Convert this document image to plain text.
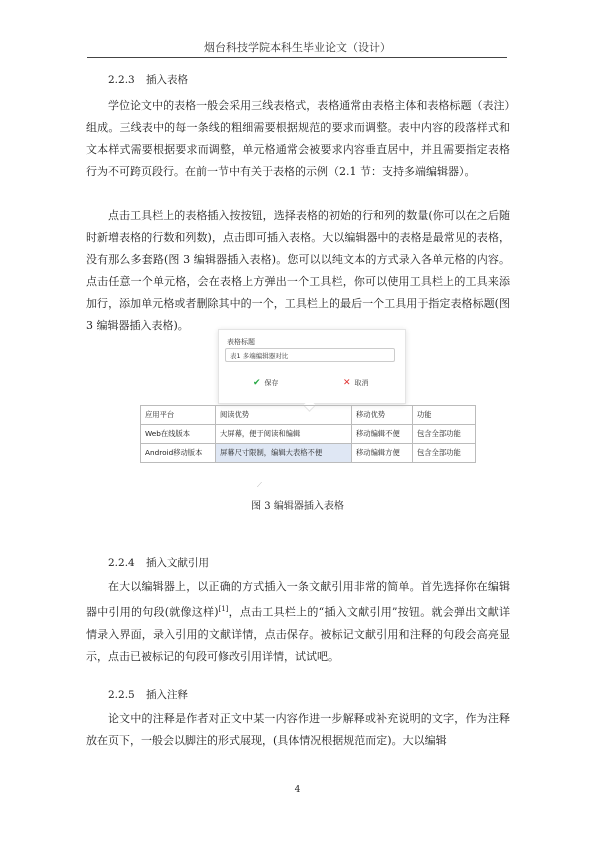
烟台科技学院本科生毕业论文（设计）
2.2.3 插入表格

学位论文中的表格一般会采用三线表格式，表格通常由表格主体和表格标题（表注）组成。三线表中的每一条线的粗细需要根据规范的要求而调整。表中内容的段落样式和文本样式需要根据要求而调整，单元格通常会被要求内容垂直居中，并且需要指定表格行为不可跨页段行。在前一节中有关于表格的示例（2.1 节：支持多端编辑器）。

点击工具栏上的表格插入按按钮，选择表格的初始的行和列的数量(你可以在之后随时新增表格的行数和列数)，点击即可插入表格。大以编辑器中的表格是最常见的表格，没有那么多套路(图 3 编辑器插入表格)。您可以以纯文本的方式录入各单元格的内容。点击任意一个单元格，会在表格上方弹出一个工具栏，你可以使用工具栏上的工具来添加行，添加单元格或者删除其中的一个，工具栏上的最后一个工具用于指定表格标题(图 3 编辑器插入表格)。

表格标题
表1 多端编辑器对比
✔ 保存	✕ 取消
应用平台	阅读优势	移动优势	功能
Web在线版本	大屏幕，便于阅读和编辑	移动编辑不便	包含全部功能
Android移动版本	屏幕尺寸限制，编辑大表格不便	移动编辑方便	包含全部功能
⟋
图 3 编辑器插入表格
2.2.4 插入文献引用

在大以编辑器上，以正确的方式插入一条文献引用非常的简单。首先选择你在编辑器中引用的句段(就像这样)[1]，点击工具栏上的“插入文献引用”按钮。就会弹出文献详情录入界面，录入引用的文献详情，点击保存。被标记文献引用和注释的句段会高亮显示，点击已被标记的句段可修改引用详情，试试吧。

2.2.5 插入注释

论文中的注释是作者对正文中某一内容作进一步解释或补充说明的文字，作为注释放在页下，一般会以脚注的形式展现，(具体情况根据规范而定)。大以编辑

4
